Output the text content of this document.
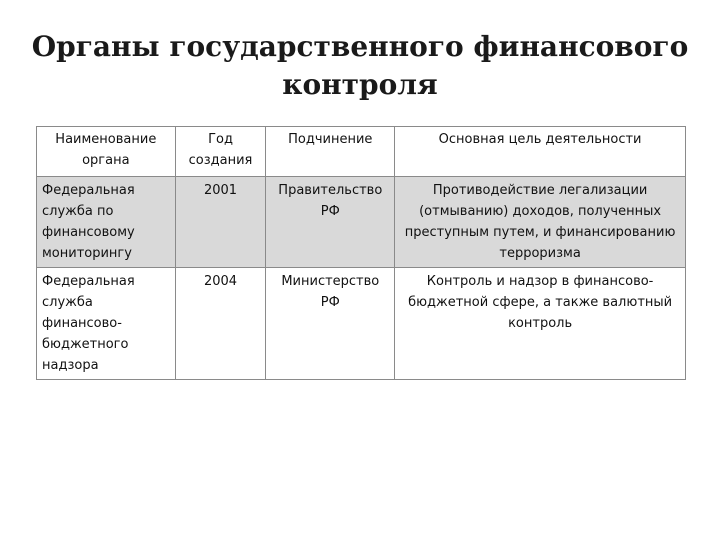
Органы государственного финансового
контроля
Наименование органа	Год создания	Подчинение	Основная цель деятельности
Федеральная служба по финансовому мониторингу	2001	Правительство РФ	Противодействие легализации (отмыванию) доходов, полученных преступным путем, и финансированию терроризма
Федеральная служба финансово-бюджетного надзора	2004	Министерство РФ	Контроль и надзор в финансово-бюджетной сфере, а также валютный контроль
